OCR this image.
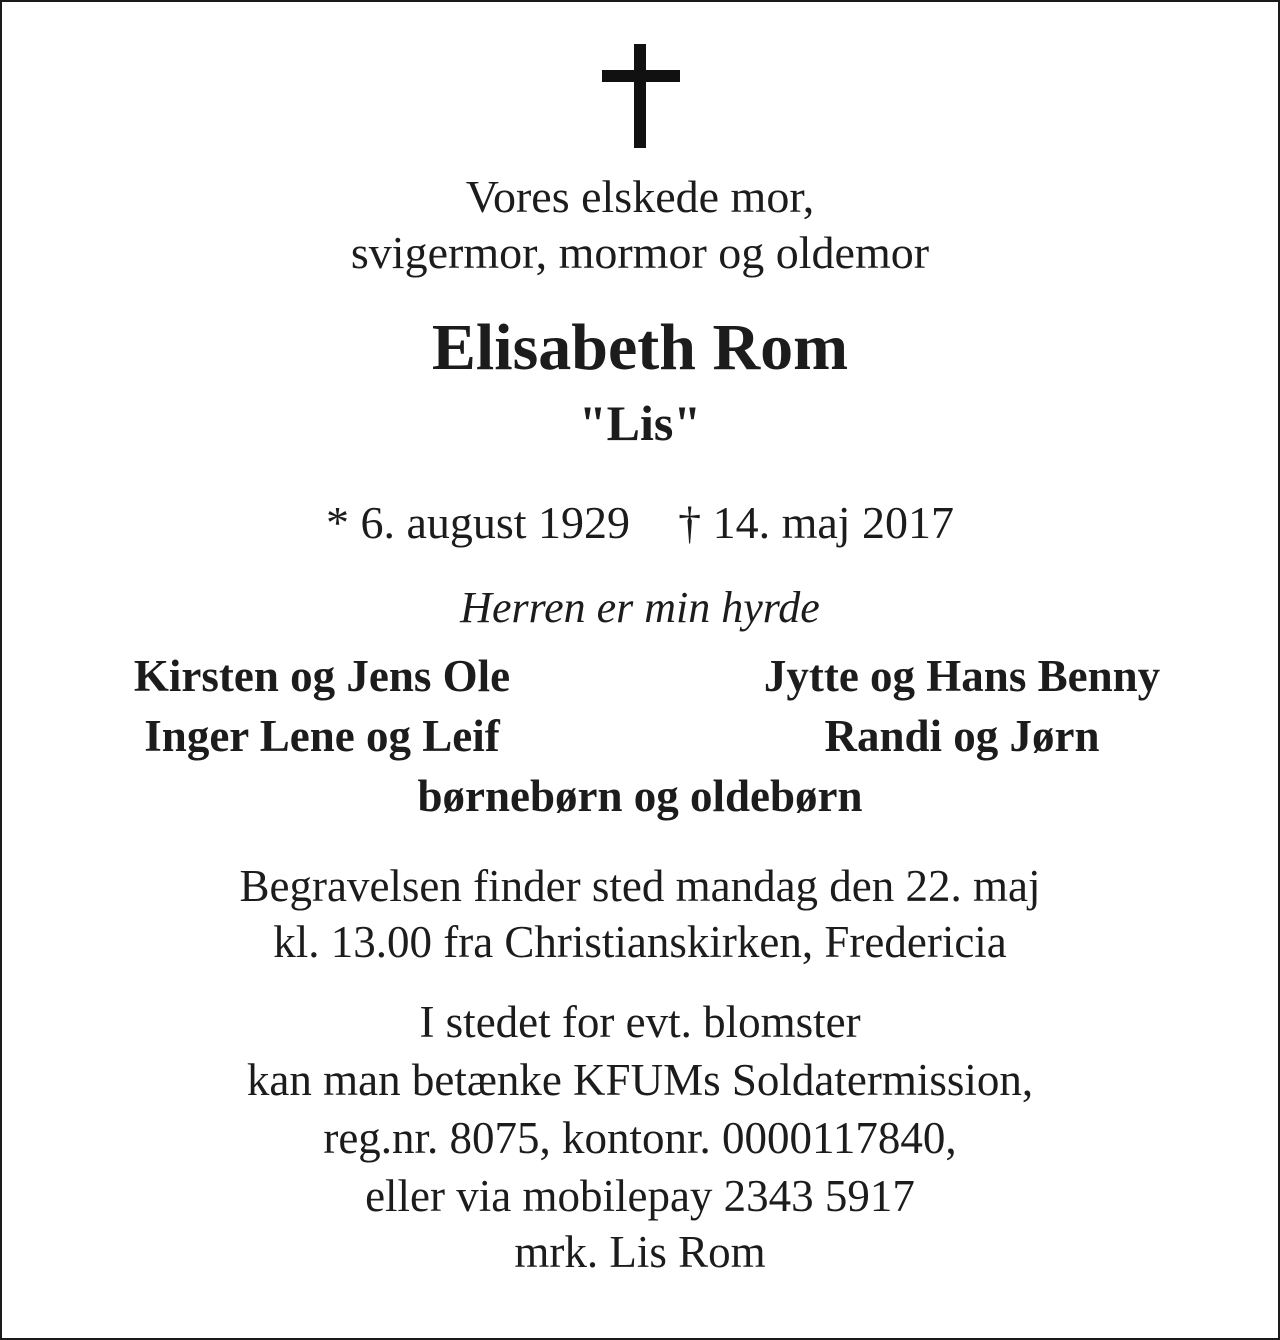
Vores elskede mor,
svigermor, mormor og oldemor
Elisabeth Rom
"Lis"
* 6. august 1929 † 14. maj 2017
Herren er min hyrde
Kirsten og Jens Ole
Inger Lene og Leif
Jytte og Hans Benny
Randi og Jørn
børnebørn og oldebørn
Begravelsen finder sted mandag den 22. maj
kl. 13.00 fra Christianskirken, Fredericia
I stedet for evt. blomster
kan man betænke KFUMs Soldatermission,
reg.nr. 8075, kontonr. 0000117840,
eller via mobilepay 2343 5917
mrk. Lis Rom
